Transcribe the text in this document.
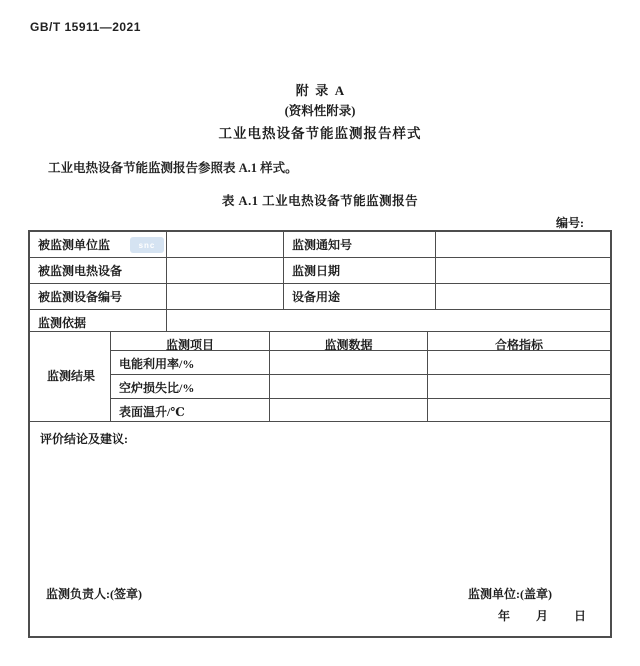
GB/T 15911—2021
附  录  A
(资料性附录)
工业电热设备节能监测报告样式
工业电热设备节能监测报告参照表 A.1 样式。
表 A.1 工业电热设备节能监测报告
编号:
被监测单位监	监测通知号
被监测电热设备	监测日期
被监测设备编号	设备用途
监测依据
监测结果
监测项目	监测数据	合格指标
电能利用率/%
空炉损失比/%
表面温升/℃
评价结论及建议:
监测负责人:(签章)	监测单位:(盖章)
年 月 日
snc
